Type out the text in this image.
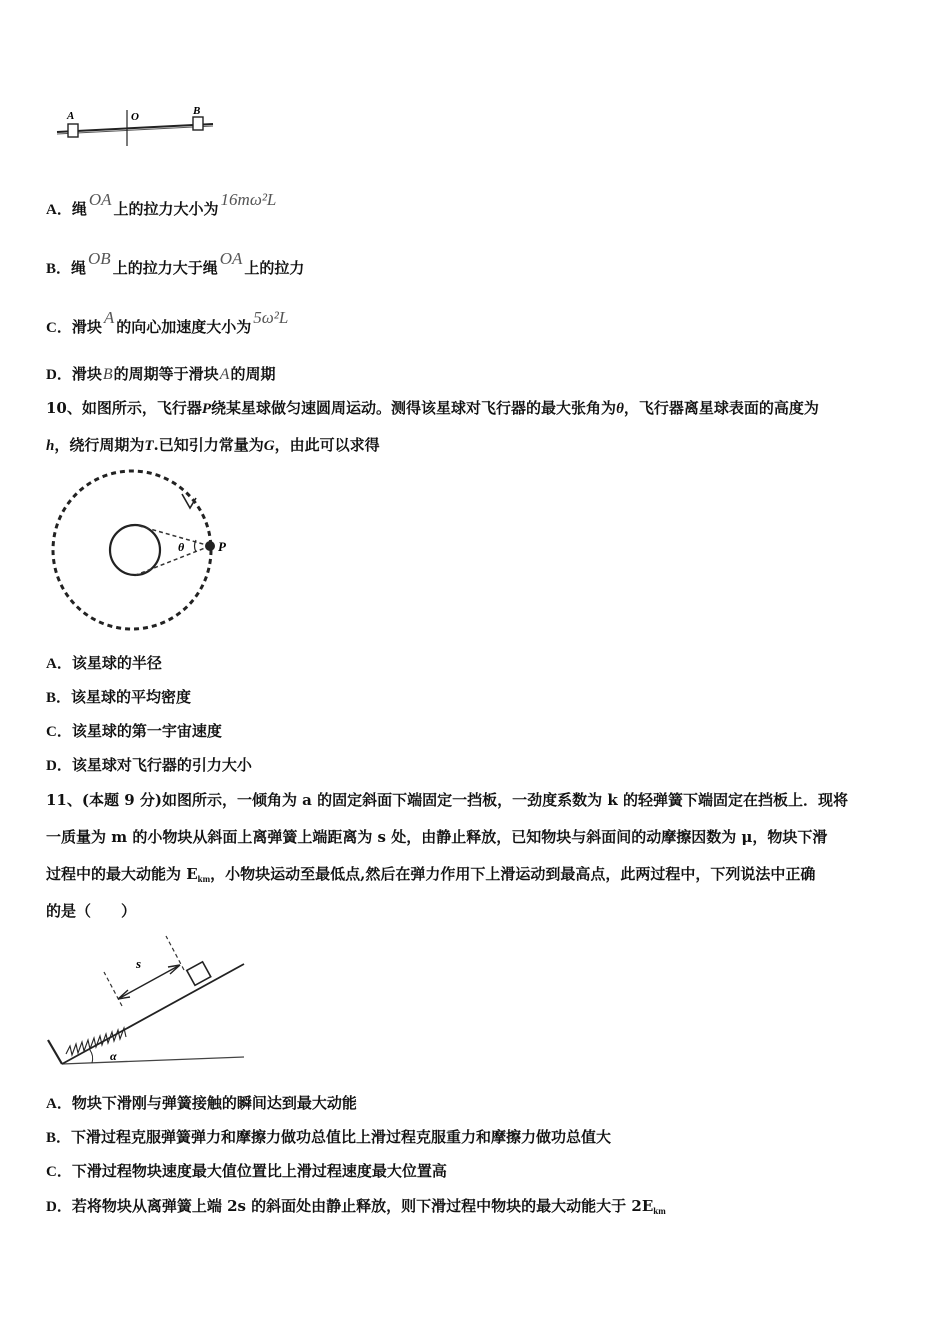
A	O	B
A．绳 OA 上的拉力大小为 16mω²L
B．绳 OB 上的拉力大于绳 OA 上的拉力
C．滑块 A 的向心加速度大小为 5ω²L
D．滑块B的周期等于滑块A的周期
10、如图所示，飞行器P绕某星球做匀速圆周运动。测得该星球对飞行器的最大张角为θ，飞行器离星球表面的高度为
h，绕行周期为T.已知引力常量为G，由此可以求得
θ	P
A．该星球的半径
B．该星球的平均密度
C．该星球的第一宇宙速度
D．该星球对飞行器的引力大小
11、(本题 9 分)如图所示，一倾角为 a 的固定斜面下端固定一挡板，一劲度系数为 k 的轻弹簧下端固定在挡板上．现将
一质量为 m 的小物块从斜面上离弹簧上端距离为 s 处，由静止释放，已知物块与斜面间的动摩擦因数为 μ，物块下滑
过程中的最大动能为 $E_{km}$，小物块运动至最低点,然后在弹力作用下上滑运动到最高点，此两过程中，下列说法中正确
的是（　　）
s
α
A．物块下滑刚与弹簧接触的瞬间达到最大动能
B．下滑过程克服弹簧弹力和摩擦力做功总值比上滑过程克服重力和摩擦力做功总值大
C．下滑过程物块速度最大值位置比上滑过程速度最大位置高
D．若将物块从离弹簧上端 2s 的斜面处由静止释放，则下滑过程中物块的最大动能大于 $2E_{km}$
